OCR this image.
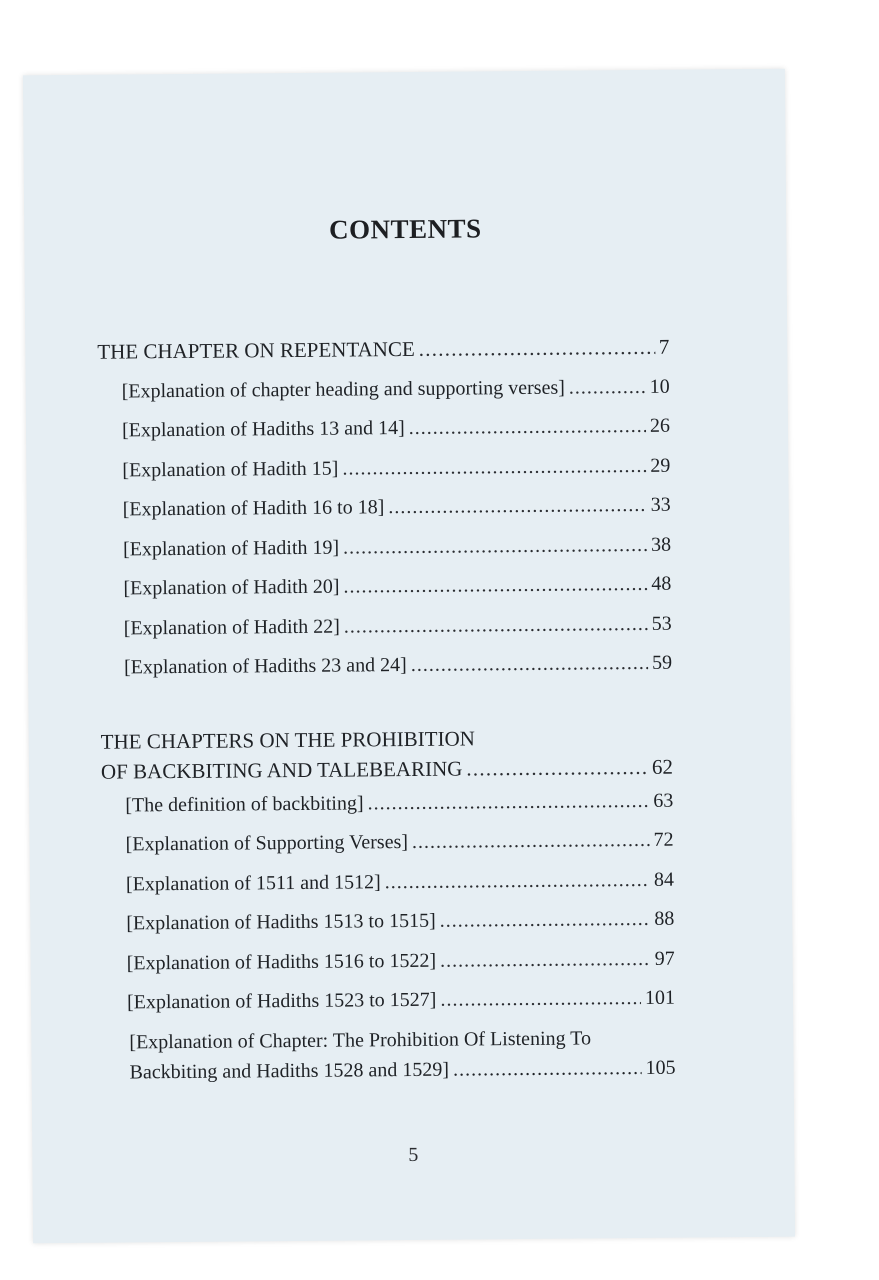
CONTENTS
THE CHAPTER ON REPENTANCE . . .	7
[Explanation of chapter heading and supporting verses] . . .	10
[Explanation of Hadiths 13 and 14] . . .	26
[Explanation of Hadith 15] . . .	29
[Explanation of Hadith 16 to 18] . . .	33
[Explanation of Hadith 19] . . .	38
[Explanation of Hadith 20] . . .	48
[Explanation of Hadith 22] . . .	53
[Explanation of Hadiths 23 and 24] . . .	59
THE CHAPTERS ON THE PROHIBITION
OF BACKBITING AND TALEBEARING . . .	62
[The definition of backbiting] . . .	63
[Explanation of Supporting Verses] . . .	72
[Explanation of 1511 and 1512] . . .	84
[Explanation of Hadiths 1513 to 1515] . . .	88
[Explanation of Hadiths 1516 to 1522] . . .	97
[Explanation of Hadiths 1523 to 1527] . . .	101
[Explanation of Chapter: The Prohibition Of Listening To
Backbiting and Hadiths 1528 and 1529] . . .	105
5
